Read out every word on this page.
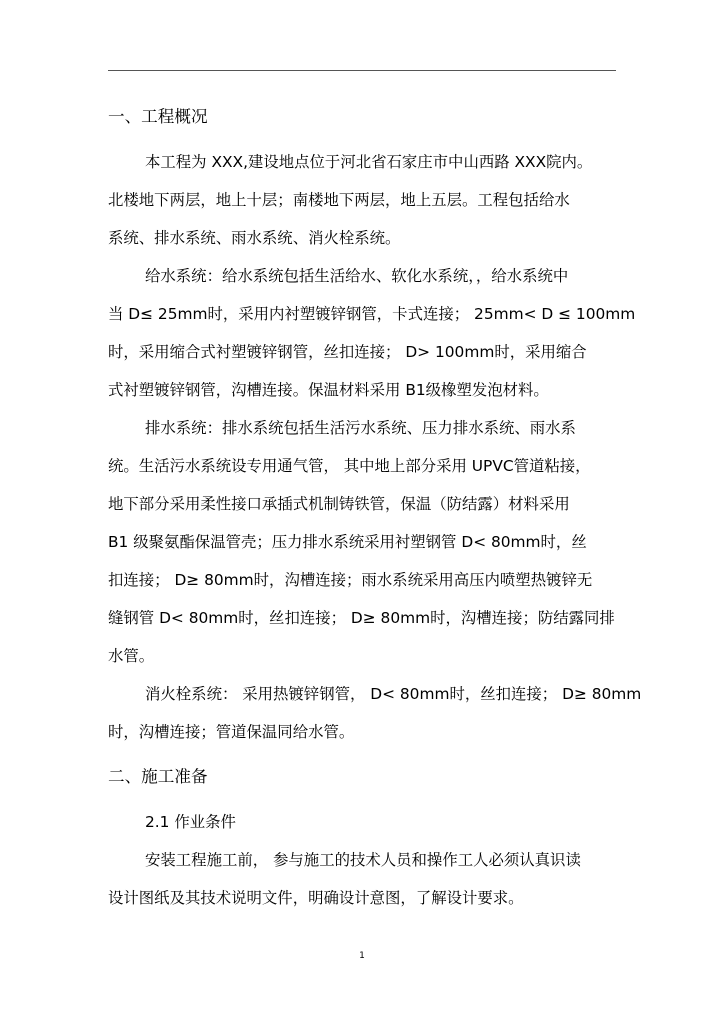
一、工程概况
本工程为 XXX,建设地点位于河北省石家庄市中山西路 XXX院内。
北楼地下两层，地上十层；南楼地下两层，地上五层。工程包括给水
系统、排水系统、雨水系统、消火栓系统。
给水系统：给水系统包括生活给水、软化水系统，，给水系统中
当 D≤ 25mm时，采用内衬塑镀锌钢管，卡式连接； 25mm< D ≤ 100mm
时，采用缩合式衬塑镀锌钢管，丝扣连接； D> 100mm时，采用缩合
式衬塑镀锌钢管，沟槽连接。保温材料采用 B1级橡塑发泡材料。
排水系统：排水系统包括生活污水系统、压力排水系统、雨水系
统。生活污水系统设专用通气管， 其中地上部分采用 UPVC管道粘接，
地下部分采用柔性接口承插式机制铸铁管，保温（防结露）材料采用
B1 级聚氨酯保温管壳；压力排水系统采用衬塑钢管 D< 80mm时，丝
扣连接； D≥ 80mm时，沟槽连接；雨水系统采用高压内喷塑热镀锌无
缝钢管 D< 80mm时，丝扣连接； D≥ 80mm时，沟槽连接；防结露同排
水管。
消火栓系统： 采用热镀锌钢管， D< 80mm时，丝扣连接； D≥ 80mm
时，沟槽连接；管道保温同给水管。
二、施工准备
2.1 作业条件
安装工程施工前， 参与施工的技术人员和操作工人必须认真识读
设计图纸及其技术说明文件，明确设计意图，了解设计要求。
1
